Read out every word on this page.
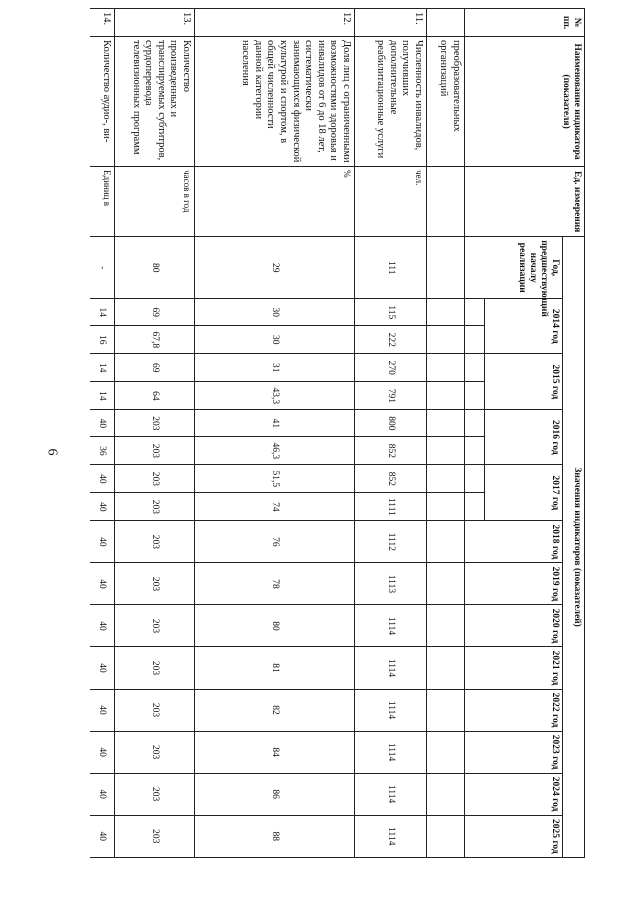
6
№ пп.	Наименование индикатора (показателя)	Ед. измерения	Значения индикаторов (показателей)																
			Год, предшествующий началу реализации	2014 год		2015 год		2016 год		2017 год		2018 год	2019 год	2020 год	2021 год	2022 год	2023 год	2024 год	2025 год

	преобразовательных организаций																		
11.	Численность инвалидов, получивших дополнительные реабилитационные услуги	чел.	111	115	222	270	791	800	852	852	1111	1112	1113	1114	1114	1114	1114	1114	1114
12.	Доля лиц с ограниченными возможностями здоровья и инвалидов от 6 до 18 лет, систематически занимающихся физической культурой и спортом, в общей численности данной категории населения	%	29	30	30	31	43,3	41	46,3	51,5	74	76	78	80	81	82	84	86	88
13.	Количество произведенных и транслируемых субтитров, сурдоперевода телевизионных программ	часов в год	80	69	67,8	69	64	203	203	203	203	203	203	203	203	203	203	203	203
14.	Количество аудио-, ви-	Единиц в	-	14	16	14	14	40	36	40	40	40	40	40	40	40	40	40	40
